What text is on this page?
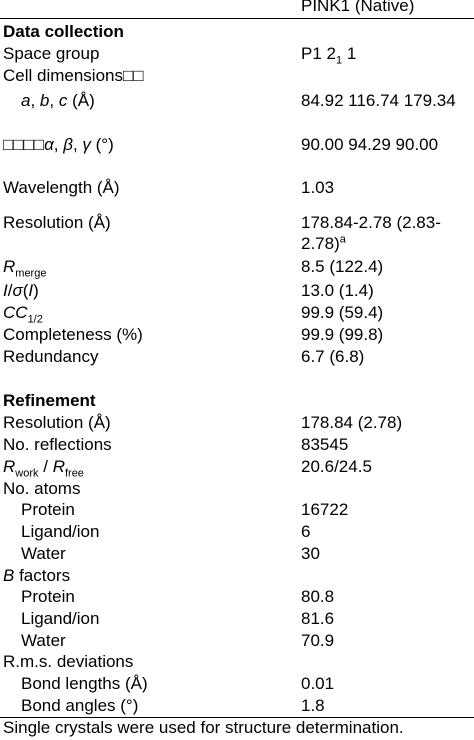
PINK1 (Native)
Data collection
Space group	P1 $2_1$ 1
Cell dimensions□□
a, b, c (Å)	84.92 116.74 179.34
□□□□α, β, γ (°)	90.00 94.29 90.00
Wavelength (Å)	1.03
Resolution (Å)	178.84-2.78 (2.83-
2.78)$^a$
$R_{merge}$	8.5 (122.4)
I/σ(I)	13.0 (1.4)
$CC_{1/2}$	99.9 (59.4)
Completeness (%)	99.9 (99.8)
Redundancy	6.7 (6.8)
Refinement
Resolution (Å)	178.84 (2.78)
No. reflections	83545
$R_{work} / R_{free}$	20.6/24.5
No. atoms
Protein	16722
Ligand/ion	6
Water	30
B factors
Protein	80.8
Ligand/ion	81.6
Water	70.9
R.m.s. deviations
Bond lengths (Å)	0.01
Bond angles (°)	1.8
Single crystals were used for structure determination.
